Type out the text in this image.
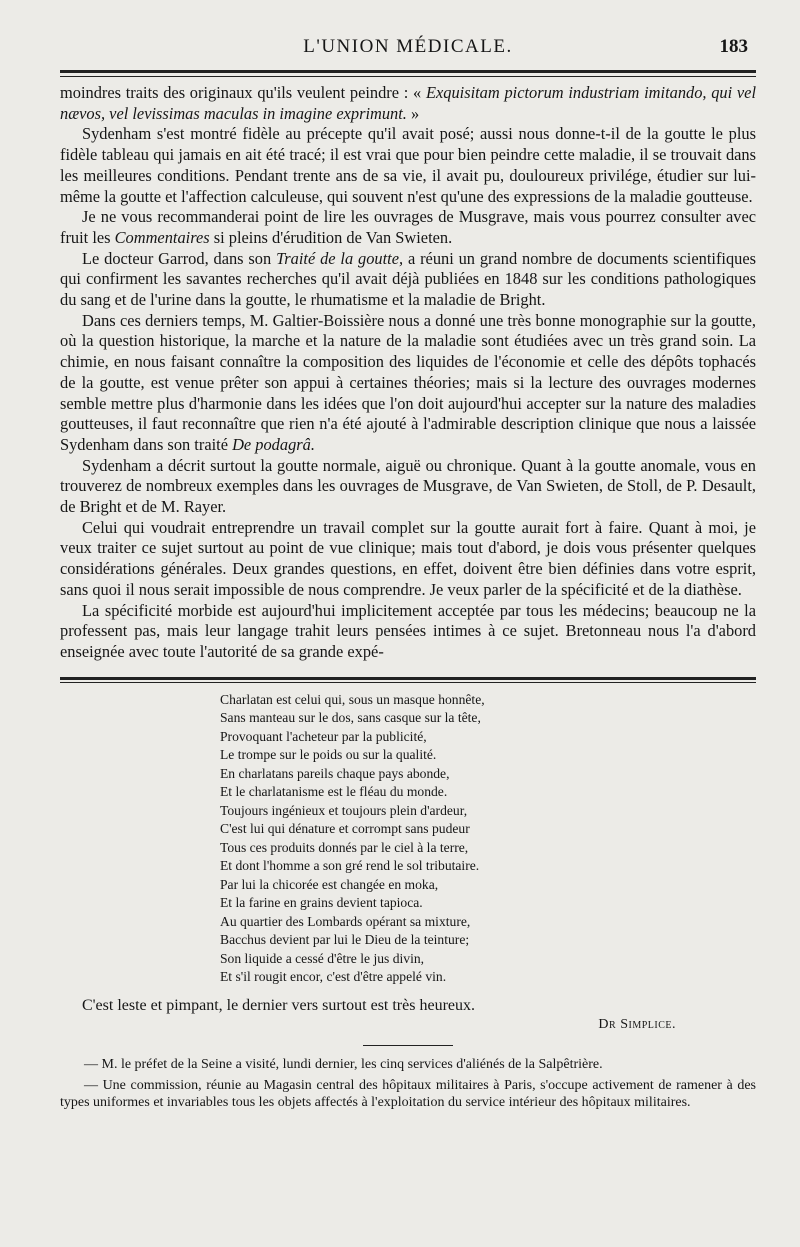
L'UNION MÉDICALE.	183

moindres traits des originaux qu'ils veulent peindre : « Exquisitam pictorum industriam imitando, qui vel nævos, vel levissimas maculas in imagine exprimunt. »

Sydenham s'est montré fidèle au précepte qu'il avait posé; aussi nous donne-t-il de la goutte le plus fidèle tableau qui jamais en ait été tracé; il est vrai que pour bien peindre cette maladie, il se trouvait dans les meilleures conditions. Pendant trente ans de sa vie, il avait pu, douloureux privilége, étudier sur lui-même la goutte et l'affection calculeuse, qui souvent n'est qu'une des expressions de la maladie goutteuse.

Je ne vous recommanderai point de lire les ouvrages de Musgrave, mais vous pourrez consulter avec fruit les Commentaires si pleins d'érudition de Van Swieten.

Le docteur Garrod, dans son Traité de la goutte, a réuni un grand nombre de documents scientifiques qui confirment les savantes recherches qu'il avait déjà publiées en 1848 sur les conditions pathologiques du sang et de l'urine dans la goutte, le rhumatisme et la maladie de Bright.

Dans ces derniers temps, M. Galtier-Boissière nous a donné une très bonne monographie sur la goutte, où la question historique, la marche et la nature de la maladie sont étudiées avec un très grand soin. La chimie, en nous faisant connaître la composition des liquides de l'économie et celle des dépôts tophacés de la goutte, est venue prêter son appui à certaines théories; mais si la lecture des ouvrages modernes semble mettre plus d'harmonie dans les idées que l'on doit aujourd'hui accepter sur la nature des maladies goutteuses, il faut reconnaître que rien n'a été ajouté à l'admirable description clinique que nous a laissée Sydenham dans son traité De podagrâ.

Sydenham a décrit surtout la goutte normale, aiguë ou chronique. Quant à la goutte anomale, vous en trouverez de nombreux exemples dans les ouvrages de Musgrave, de Van Swieten, de Stoll, de P. Desault, de Bright et de M. Rayer.

Celui qui voudrait entreprendre un travail complet sur la goutte aurait fort à faire. Quant à moi, je veux traiter ce sujet surtout au point de vue clinique; mais tout d'abord, je dois vous présenter quelques considérations générales. Deux grandes questions, en effet, doivent être bien définies dans votre esprit, sans quoi il nous serait impossible de nous comprendre. Je veux parler de la spécificité et de la diathèse.

La spécificité morbide est aujourd'hui implicitement acceptée par tous les médecins; beaucoup ne la professent pas, mais leur langage trahit leurs pensées intimes à ce sujet. Bretonneau nous l'a d'abord enseignée avec toute l'autorité de sa grande expé-

Charlatan est celui qui, sous un masque honnête,
Sans manteau sur le dos, sans casque sur la tête,
Provoquant l'acheteur par la publicité,
Le trompe sur le poids ou sur la qualité.
En charlatans pareils chaque pays abonde,
Et le charlatanisme est le fléau du monde.
Toujours ingénieux et toujours plein d'ardeur,
C'est lui qui dénature et corrompt sans pudeur
Tous ces produits donnés par le ciel à la terre,
Et dont l'homme a son gré rend le sol tributaire.
Par lui la chicorée est changée en moka,
Et la farine en grains devient tapioca.
Au quartier des Lombards opérant sa mixture,
Bacchus devient par lui le Dieu de la teinture;
Son liquide a cessé d'être le jus divin,
Et s'il rougit encor, c'est d'être appelé vin.

C'est leste et pimpant, le dernier vers surtout est très heureux.

Dr Simplice.

— M. le préfet de la Seine a visité, lundi dernier, les cinq services d'aliénés de la Salpêtrière.

— Une commission, réunie au Magasin central des hôpitaux militaires à Paris, s'occupe activement de ramener à des types uniformes et invariables tous les objets affectés à l'exploitation du service intérieur des hôpitaux militaires.
